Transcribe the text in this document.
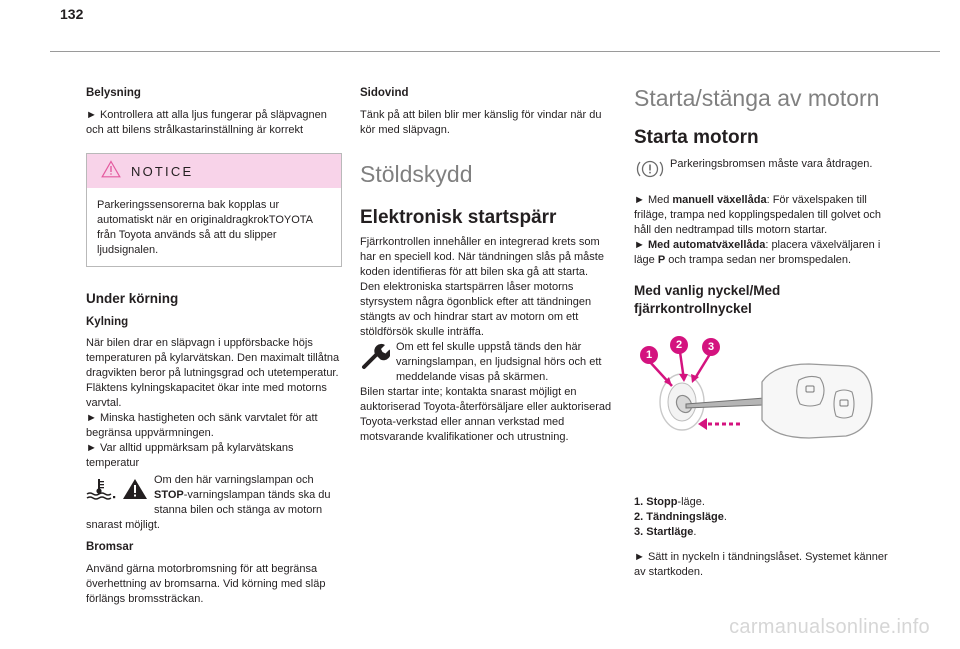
132
Belysning

► Kontrollera att alla ljus fungerar på släpvagnen och att bilens strålkastarinställning är korrekt

NOTICE
Parkeringssensorerna bak kopplas ur automatiskt när en originaldragkrokTOYOTA från Toyota används så att du slipper ljudsignalen.
Under körning
Kylning

När bilen drar en släpvagn i uppförsbacke höjs temperaturen på kylarvätskan. Den maximalt tillåtna dragvikten beror på lutningsgrad och utetemperatur. Fläktens kylningskapacitet ökar inte med motorns varvtal.

► Minska hastigheten och sänk varvtalet för att begränsa uppvärmningen.

► Var alltid uppmärksam på kylarvätskans temperatur

Om den här varningslampan och STOP-varningslampan tänds ska du stanna bilen och stänga av motorn snarast möjligt.

Bromsar

Använd gärna motorbromsning för att begränsa överhettning av bromsarna. Vid körning med släp förlängs bromssträckan.

Sidovind

Tänk på att bilen blir mer känslig för vindar när du kör med släpvagn.

Stöldskydd
Elektronisk startspärr

Fjärrkontrollen innehåller en integrerad krets som har en speciell kod. När tändningen slås på måste koden identifieras för att bilen ska gå att starta.

Den elektroniska startspärren låser motorns styrsystem några ögonblick efter att tändningen stängts av och hindrar start av motorn om ett stöldförsök skulle inträffa.

Om ett fel skulle uppstå tänds den här varningslampan, en ljudsignal hörs och ett meddelande visas på skärmen.

Bilen startar inte; kontakta snarast möjligt en auktoriserad Toyota-återförsäljare eller auktoriserad Toyota-verkstad eller annan verkstad med motsvarande kvalifikationer och utrustning.

Starta/stänga av motorn
Starta motorn

Parkeringsbromsen måste vara åtdragen.

► Med manuell växellåda: För växelspaken till friläge, trampa ned kopplingspedalen till golvet och håll den nedtrampad tills motorn startar.

► Med automatväxellåda: placera växelväljaren i läge P och trampa sedan ner bromspedalen.

Med vanlig nyckel/Med fjärrkontrollnyckel
1
2	3
1. Stopp-läge.
2. Tändningsläge.
3. Startläge.

► Sätt in nyckeln i tändningslåset. Systemet känner av startkoden.

carmanualsonline.info
